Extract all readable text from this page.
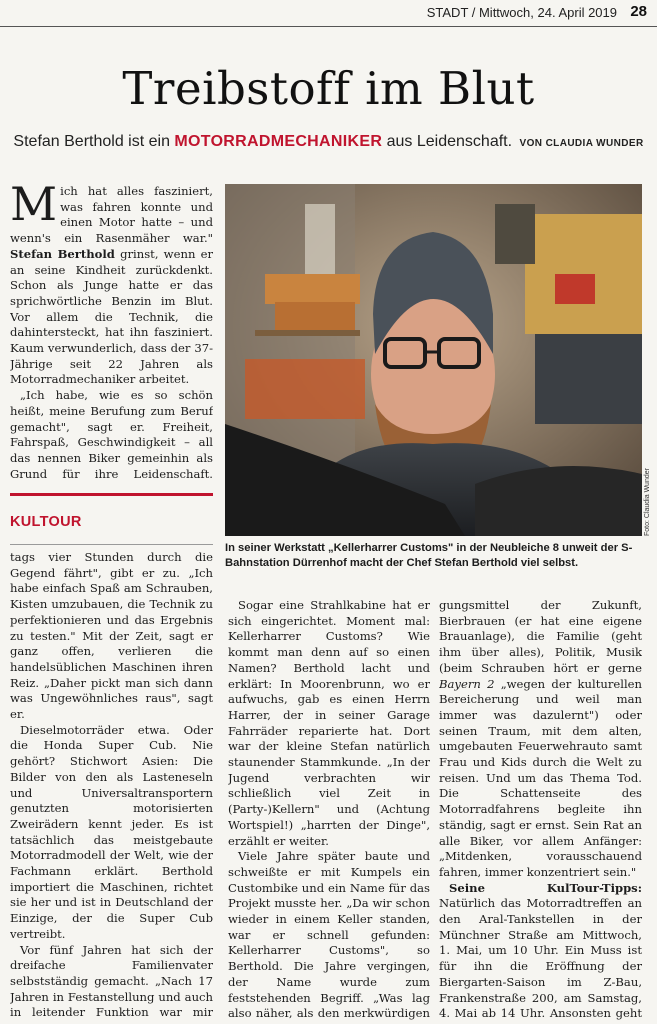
STADT / Mittwoch, 24. April 2019 28
Treibstoff im Blut
Stefan Berthold ist ein MOTORRADMECHANIKER aus Leidenschaft. VON CLAUDIA WUNDER

Mich hat alles fasziniert, was fahren konnte und einen Motor hatte – und wenn's ein Rasenmäher war." Stefan Berthold grinst, wenn er an seine Kindheit zurückdenkt. Schon als Junge hatte er das sprichwörtliche Benzin im Blut. Vor allem die Technik, die dahintersteckt, hat ihn fasziniert. Kaum verwunderlich, dass der 37-Jährige seit 22 Jahren als Motorradmechaniker arbeitet.

„Ich habe, wie es so schön heißt, meine Berufung zum Beruf gemacht", sagt er. Freiheit, Fahrspaß, Geschwindigkeit – all das nennen Biker gemeinhin als Grund für ihre Leidenschaft.

KULTOUR

tags vier Stunden durch die Gegend fährt", gibt er zu. „Ich habe einfach Spaß am Schrauben, Kisten umzubauen, die Technik zu perfektionieren und das Ergebnis zu testen." Mit der Zeit, sagt er ganz offen, verlieren die handelsüblichen Maschinen ihren Reiz. „Daher pickt man sich dann was Ungewöhnliches raus", sagt er.

Dieselmotorräder etwa. Oder die Honda Super Cub. Nie gehört? Stichwort Asien: Die Bilder von den als Lasteneseln und Universaltransportern genutzten motorisierten Zweirädern kennt jeder. Es ist tatsächlich das meistgebaute Motorradmodell der Welt, wie der Fachmann erklärt. Berthold importiert die Maschinen, richtet sie her und ist in Deutschland der Einzige, der die Super Cub vertreibt.

Vor fünf Jahren hat sich der dreifache Familienvater selbstständig gemacht. „Nach 17 Jahren in Festanstellung und auch in leitender Funktion war mir

Foto: Claudia Wunder
In seiner Werkstatt „Kellerharrer Customs" in der Neubleiche 8 unweit der S-Bahnstation Dürrenhof macht der Chef Stefan Berthold viel selbst.

Sogar eine Strahlkabine hat er sich eingerichtet. Moment mal: Kellerharrer Customs? Wie kommt man denn auf so einen Namen? Berthold lacht und erklärt: In Moorenbrunn, wo er aufwuchs, gab es einen Herrn Harrer, der in seiner Garage Fahrräder reparierte hat. Dort war der kleine Stefan natürlich staunender Stammkunde. „In der Jugend verbrachten wir schließlich viel Zeit in (Party-)Kellern" und (Achtung Wortspiel!) „harrten der Dinge", erzählt er weiter.

Viele Jahre später baute und schweißte er mit Kumpels ein Custombike und ein Name für das Projekt musste her. „Da wir schon wieder in einem Keller standen, war er schnell gefunden: Kellerharrer Customs", so Berthold. Die Jahre vergingen, der Name wurde zum feststehenden Begriff. „Was lag also näher, als den merkwürdigen

gungsmittel der Zukunft, Bierbrauen (er hat eine eigene Brauanlage), die Familie (geht ihm über alles), Politik, Musik (beim Schrauben hört er gerne Bayern 2 „wegen der kulturellen Bereicherung und weil man immer was dazulernt") oder seinen Traum, mit dem alten, umgebauten Feuerwehrauto samt Frau und Kids durch die Welt zu reisen. Und um das Thema Tod. Die Schattenseite des Motorradfahrens begleite ihn ständig, sagt er ernst. Sein Rat an alle Biker, vor allem Anfänger: „Mitdenken, vorausschauend fahren, immer konzentriert sein."

Seine KulTour-Tipps: Natürlich das Motorradtreffen an den Aral-Tankstellen in der Münchner Straße am Mittwoch, 1. Mai, um 10 Uhr. Ein Muss ist für ihn die Eröffnung der Biergarten-Saison im Z-Bau, Frankenstraße 200, am Samstag, 4. Mai ab 14 Uhr. Ansonsten geht
